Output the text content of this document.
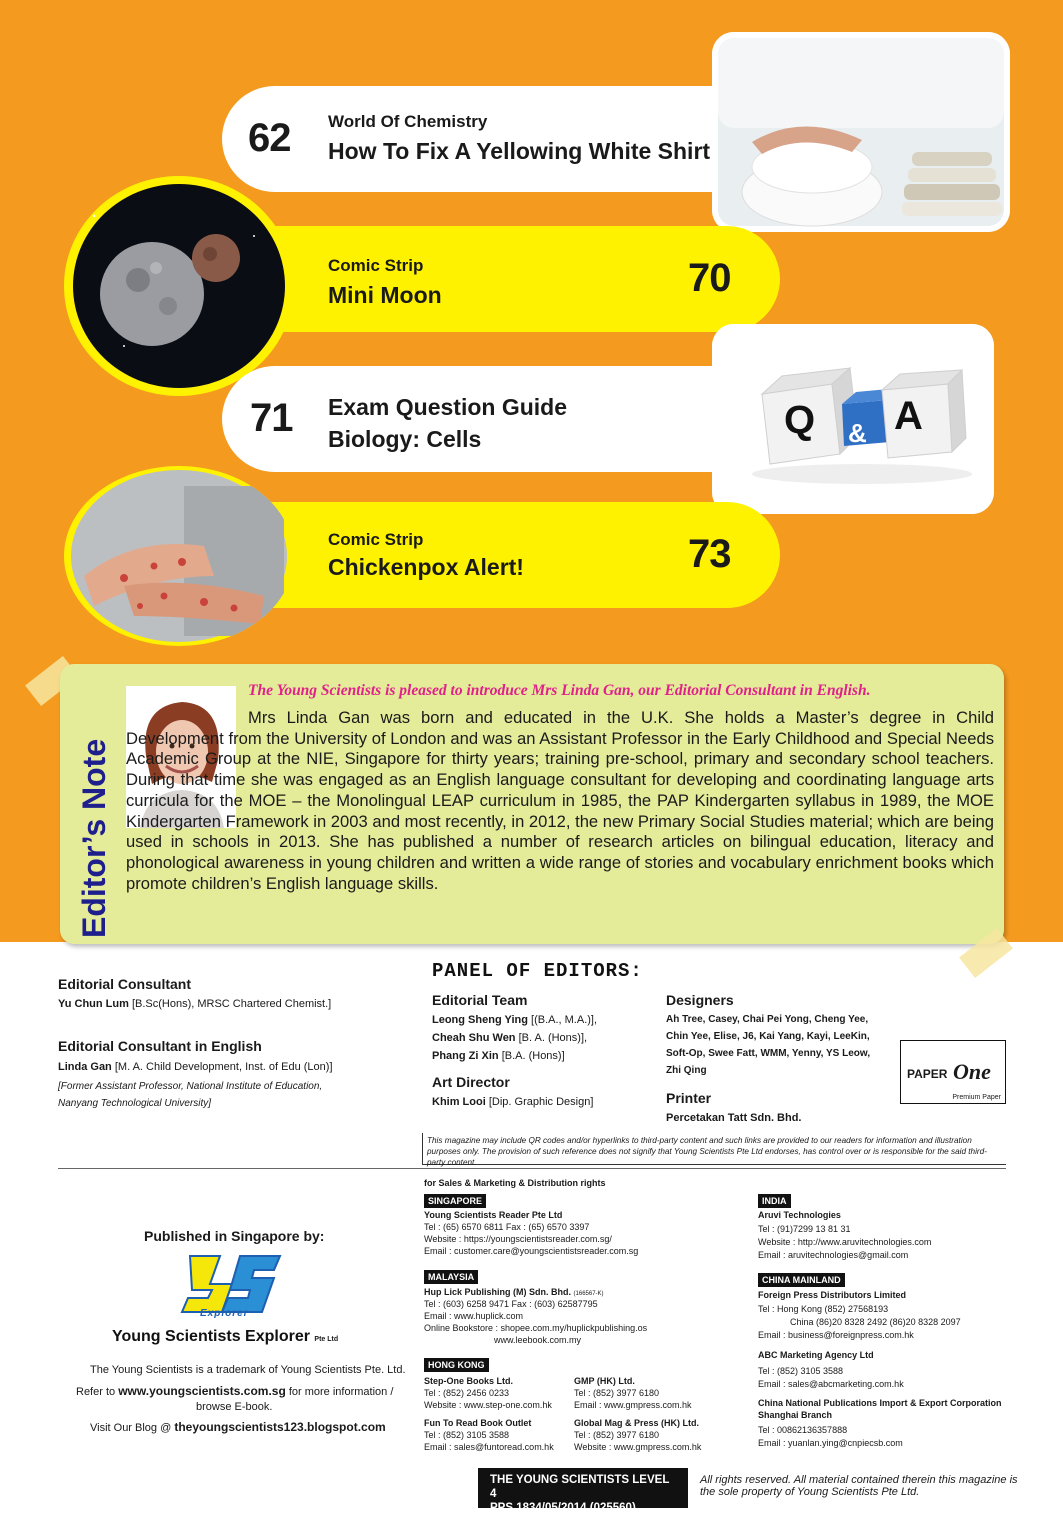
62 World Of Chemistry
How To Fix A Yellowing White Shirt
Comic Strip
Mini Moon	70
71 Exam Question Guide
Biology: Cells	Q & A
Comic Strip
Chickenpox Alert!	73
Editor’s Note
The Young Scientists is pleased to introduce Mrs Linda Gan, our Editorial Consultant in English.
Mrs Linda Gan was born and educated in the U.K. She holds a Master’s degree in Child Development from the University of London and was an Assistant Professor in the Early Childhood and Special Needs Academic Group at the NIE, Singapore for thirty years; training pre-school, primary and secondary school teachers. During that time she was engaged as an English language consultant for developing and coordinating language arts curricula for the MOE – the Monolingual LEAP curriculum in 1985, the PAP Kindergarten syllabus in 1989, the MOE Kindergarten Framework in 2003 and most recently, in 2012, the new Primary Social Studies material; which are being used in schools in 2013. She has published a number of research articles on bilingual education, literacy and phonological awareness in young children and written a wide range of stories and vocabulary enrichment books which promote children’s English language skills.
Editorial Consultant
Yu Chun Lum [B.Sc(Hons), MRSC Chartered Chemist.]
Editorial Consultant in English
Linda Gan [M. A. Child Development, Inst. of Edu (Lon)]
[Former Assistant Professor, National Institute of Education,
Nanyang Technological University]
PANEL OF EDITORS:
Editorial Team
Leong Sheng Ying [(B.A., M.A.)],
Cheah Shu Wen [B. A. (Hons)],
Phang Zi Xin [B.A. (Hons)]
Art Director
Khim Looi [Dip. Graphic Design]
Designers
Ah Tree, Casey, Chai Pei Yong, Cheng Yee,
Chin Yee, Elise, J6, Kai Yang, Kayi, LeeKin,
Soft-Op, Swee Fatt, WMM, Yenny, YS Leow,
Zhi Qing
Printer
Percetakan Tatt Sdn. Bhd.
PAPER One
Premium Paper
This magazine may include QR codes and/or hyperlinks to third-party content and such links are provided to our readers for information and illustration purposes only. The provision of such reference does not signify that Young Scientists Pte Ltd endorses, has control over or is responsible for the said third-party content.
Published in Singapore by:
Explorer
Young Scientists Explorer Pte Ltd
The Young Scientists is a trademark of Young Scientists Pte. Ltd.
Refer to www.youngscientists.com.sg for more information /
browse E-book.
Visit Our Blog @ theyoungscientists123.blogspot.com
for Sales & Marketing & Distribution rights
SINGAPORE
Young Scientists Reader Pte Ltd
Tel : (65) 6570 6811 Fax : (65) 6570 3397
Website : https://youngscientistsreader.com.sg/
Email : customer.care@youngscientistsreader.com.sg
MALAYSIA
Hup Lick Publishing (M) Sdn. Bhd. (166567-K)
Tel : (603) 6258 9471 Fax : (603) 62587795
Email : www.huplick.com
Online Bookstore : shopee.com.my/huplickpublishing.os
www.leebook.com.my
HONG KONG
Step-One Books Ltd.
Tel : (852) 2456 0233
Website : www.step-one.com.hk
GMP (HK) Ltd.
Tel : (852) 3977 6180
Email : www.gmpress.com.hk
Fun To Read Book Outlet
Tel : (852) 3105 3588
Email : sales@funtoread.com.hk
Global Mag & Press (HK) Ltd.
Tel : (852) 3977 6180
Website : www.gmpress.com.hk
INDIA
Aruvi Technologies
Tel : (91)7299 13 81 31
Website : http://www.aruvitechnologies.com
Email : aruvitechnologies@gmail.com
CHINA MAINLAND
Foreign Press Distributors Limited
Tel : Hong Kong (852) 27568193
China (86)20 8328 2492 (86)20 8328 2097
Email : business@foreignpress.com.hk
ABC Marketing Agency Ltd
Tel : (852) 3105 3588
Email : sales@abcmarketing.com.hk
China National Publications Import & Export Corporation
Shanghai Branch
Tel : 00862136357888
Email : yuanlan.ying@cnpiecsb.com
THE YOUNG SCIENTISTS LEVEL 4
PPS 1834/05/2014 (025560)
All rights reserved. All material contained therein this magazine is the sole property of Young Scientists Pte Ltd.
